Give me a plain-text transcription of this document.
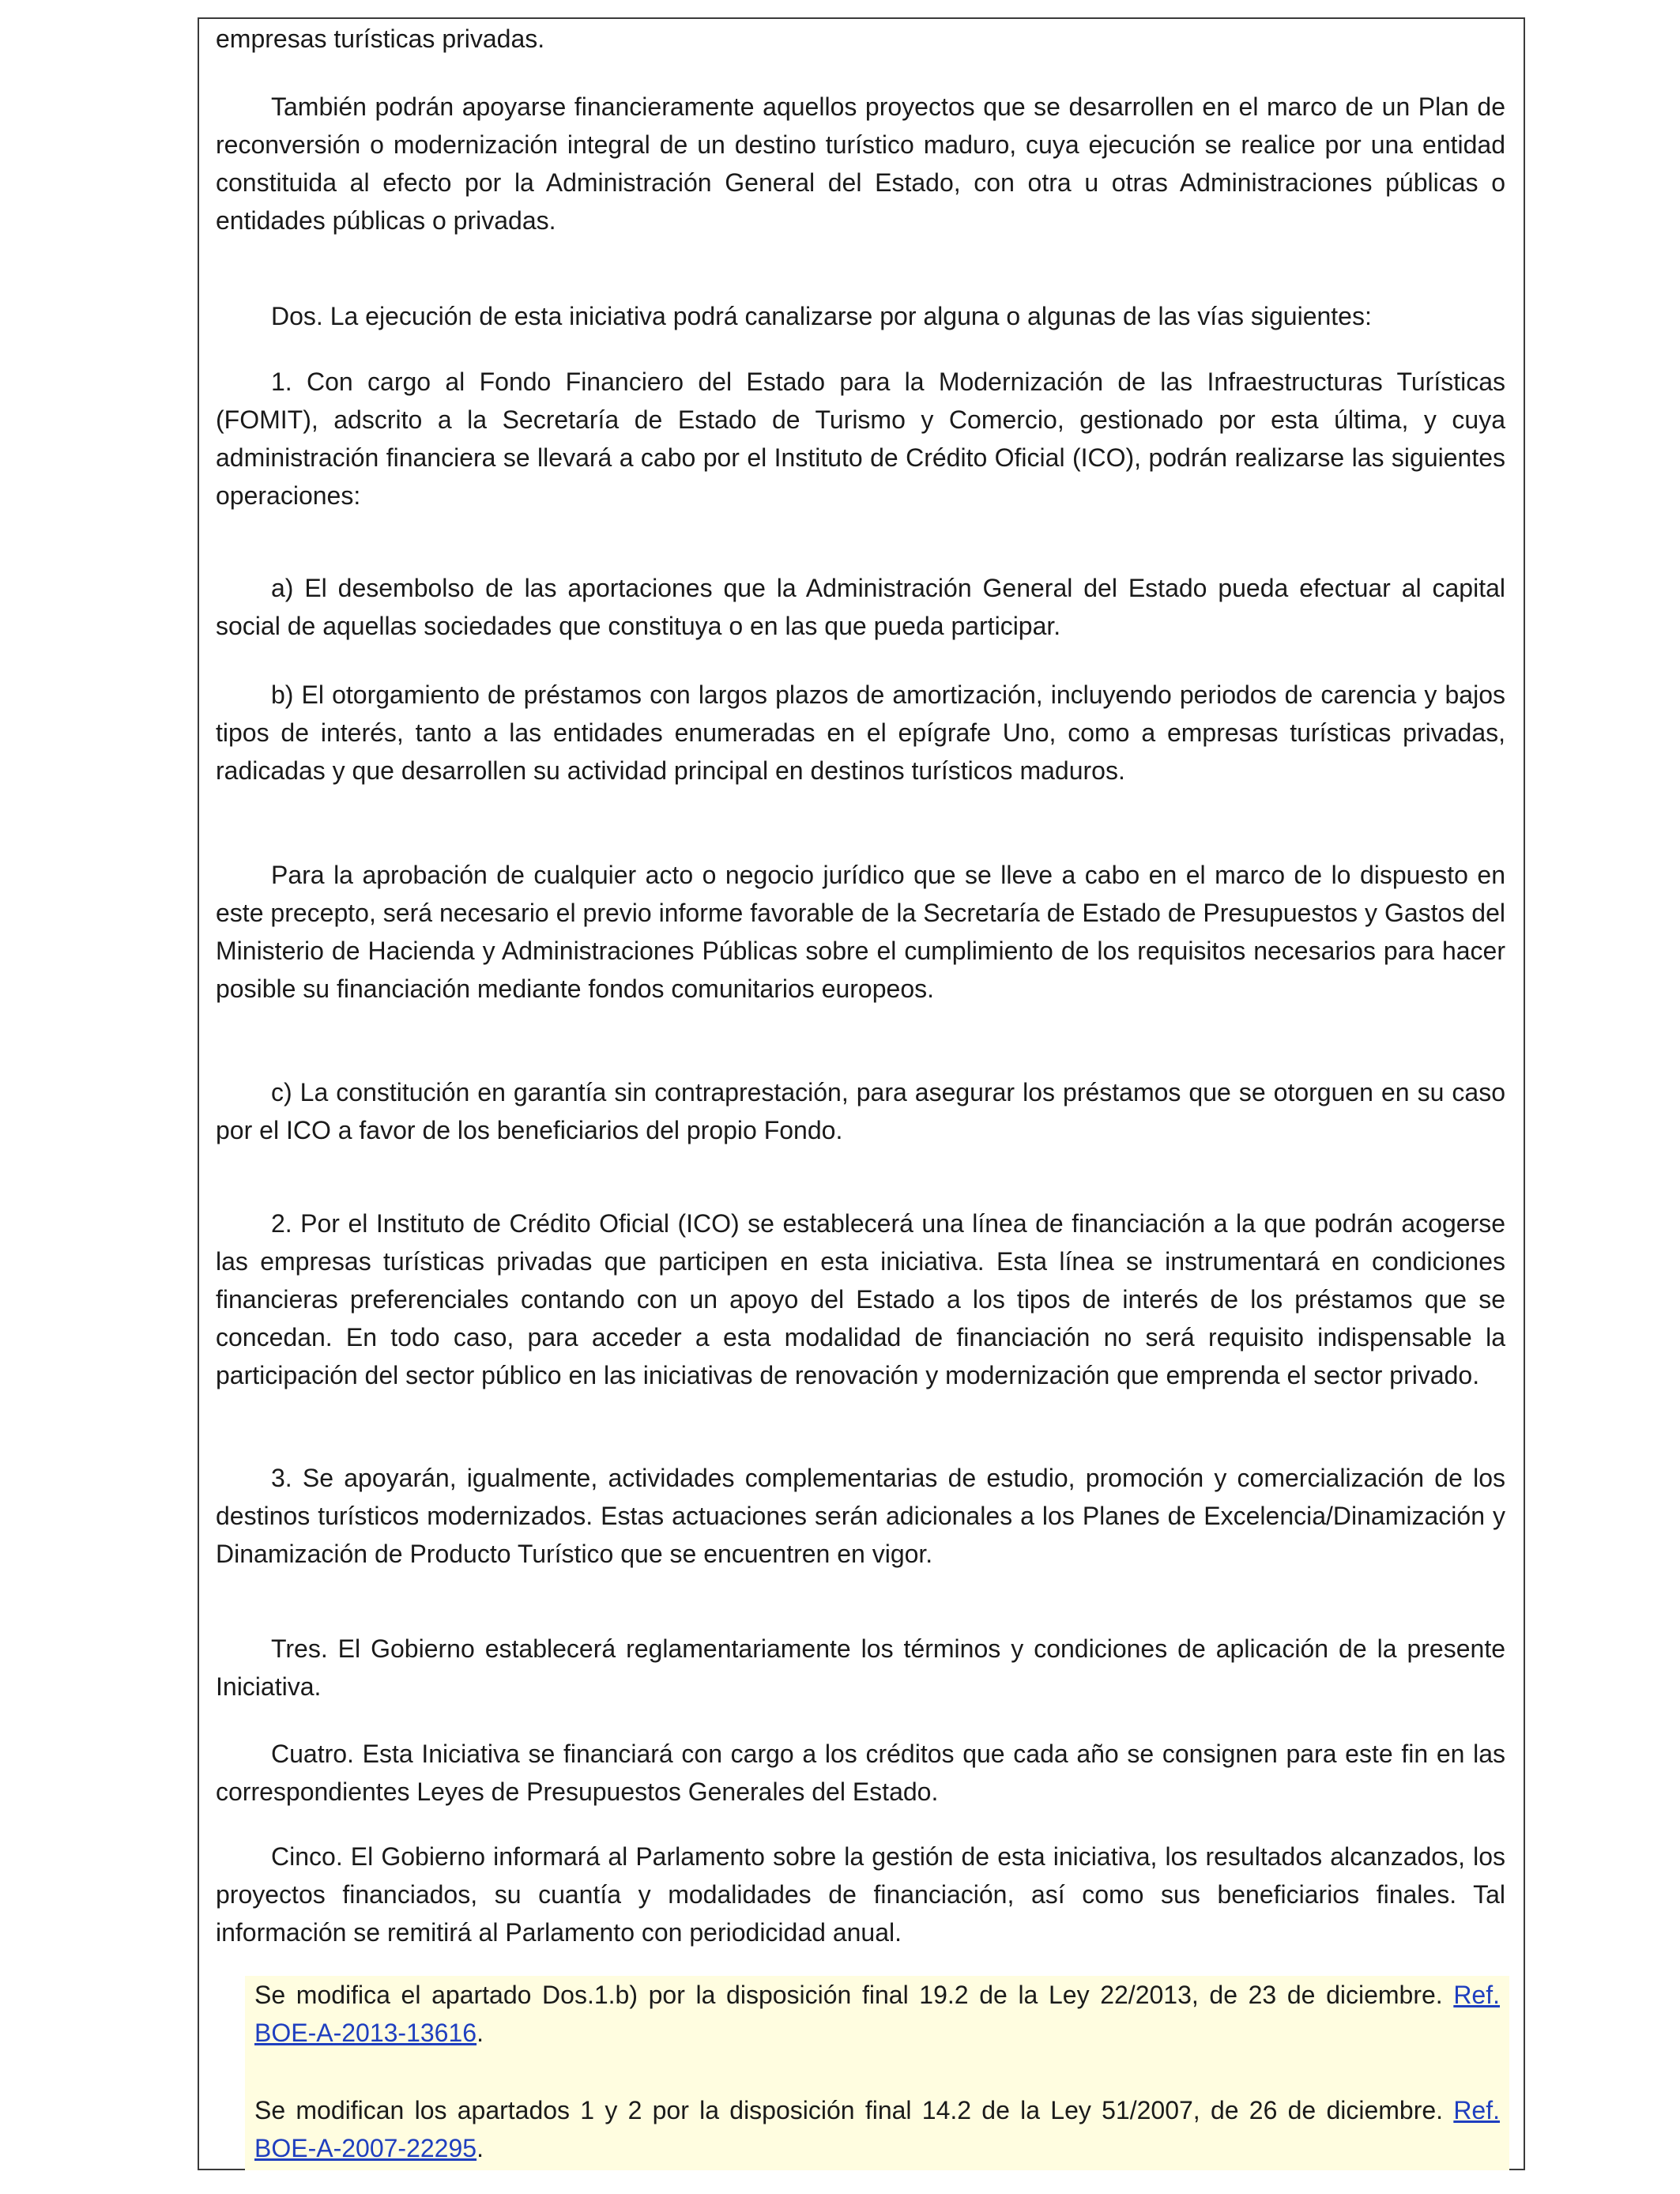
empresas turísticas privadas.

También podrán apoyarse financieramente aquellos proyectos que se desarrollen en el marco de un Plan de reconversión o modernización integral de un destino turístico maduro, cuya ejecución se realice por una entidad constituida al efecto por la Administración General del Estado, con otra u otras Administraciones públicas o entidades públicas o privadas.

Dos. La ejecución de esta iniciativa podrá canalizarse por alguna o algunas de las vías siguientes:

1. Con cargo al Fondo Financiero del Estado para la Modernización de las Infraestructuras Turísticas (FOMIT), adscrito a la Secretaría de Estado de Turismo y Comercio, gestionado por esta última, y cuya administración financiera se llevará a cabo por el Instituto de Crédito Oficial (ICO), podrán realizarse las siguientes operaciones:

a) El desembolso de las aportaciones que la Administración General del Estado pueda efectuar al capital social de aquellas sociedades que constituya o en las que pueda participar.

b) El otorgamiento de préstamos con largos plazos de amortización, incluyendo periodos de carencia y bajos tipos de interés, tanto a las entidades enumeradas en el epígrafe Uno, como a empresas turísticas privadas, radicadas y que desarrollen su actividad principal en destinos turísticos maduros.

Para la aprobación de cualquier acto o negocio jurídico que se lleve a cabo en el marco de lo dispuesto en este precepto, será necesario el previo informe favorable de la Secretaría de Estado de Presupuestos y Gastos del Ministerio de Hacienda y Administraciones Públicas sobre el cumplimiento de los requisitos necesarios para hacer posible su financiación mediante fondos comunitarios europeos.

c) La constitución en garantía sin contraprestación, para asegurar los préstamos que se otorguen en su caso por el ICO a favor de los beneficiarios del propio Fondo.

2. Por el Instituto de Crédito Oficial (ICO) se establecerá una línea de financiación a la que podrán acogerse las empresas turísticas privadas que participen en esta iniciativa. Esta línea se instrumentará en condiciones financieras preferenciales contando con un apoyo del Estado a los tipos de interés de los préstamos que se concedan. En todo caso, para acceder a esta modalidad de financiación no será requisito indispensable la participación del sector público en las iniciativas de renovación y modernización que emprenda el sector privado.

3. Se apoyarán, igualmente, actividades complementarias de estudio, promoción y comercialización de los destinos turísticos modernizados. Estas actuaciones serán adicionales a los Planes de Excelencia/Dinamización y Dinamización de Producto Turístico que se encuentren en vigor.

Tres. El Gobierno establecerá reglamentariamente los términos y condiciones de aplicación de la presente Iniciativa.

Cuatro. Esta Iniciativa se financiará con cargo a los créditos que cada año se consignen para este fin en las correspondientes Leyes de Presupuestos Generales del Estado.

Cinco. El Gobierno informará al Parlamento sobre la gestión de esta iniciativa, los resultados alcanzados, los proyectos financiados, su cuantía y modalidades de financiación, así como sus beneficiarios finales. Tal información se remitirá al Parlamento con periodicidad anual.

Se modifica el apartado Dos.1.b) por la disposición final 19.2 de la Ley 22/2013, de 23 de diciembre. Ref. BOE-A-2013-13616.

Se modifican los apartados 1 y 2 por la disposición final 14.2 de la Ley 51/2007, de 26 de diciembre. Ref. BOE-A-2007-22295.
